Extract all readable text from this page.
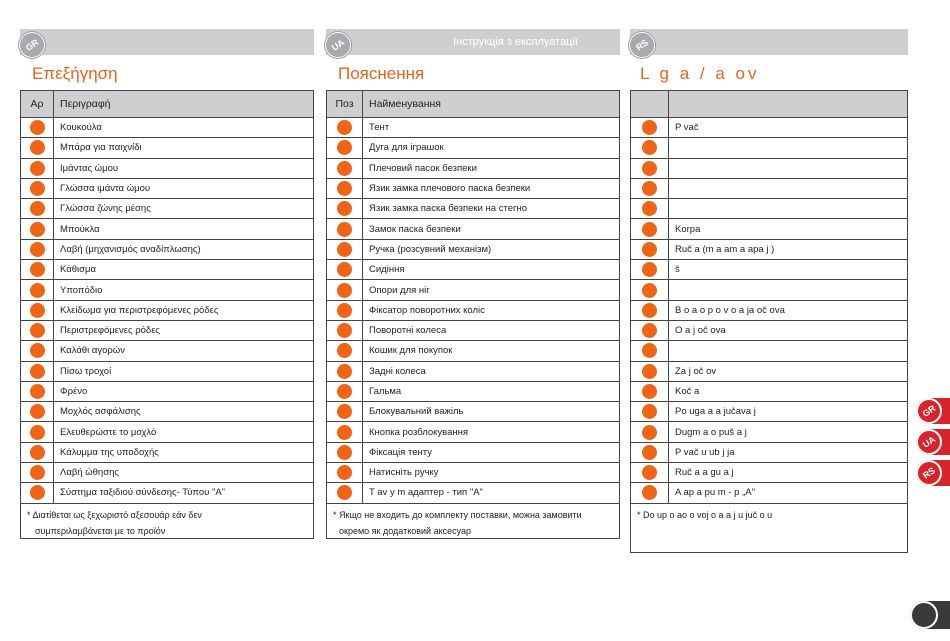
GR
Επεξήγηση
Αρ	Περιγραφή
	Κουκούλα
	Μπάρα για παιχνίδι
	Ιμάντας ώμου
	Γλώσσα ιμάντα ώμου
	Γλώσσα ζώνης μέσης
	Μπούκλα
	Λαβή (μηχανισμός αναδίπλωσης)
	Κάθισμα
	Υποπόδιο
	Κλείδωμα για περιστρεφόμενες ρόδες
	Περιστρεφόμενες ρόδες
	Καλάθι αγορών
	Πίσω τροχοί
	Φρένο
	Μοχλός ασφάλισης
	Ελευθερώστε το μοχλό
	Κάλυμμα της υποδοχής
	Λαβή ώθησης
	Σύστημα ταξιδιού σύνδεσης- Τύπου "A"
* Διατίθεται ως ξεχωριστό αξεσουάρ εάν δεν
συμπεριλαμβάνεται με το προϊόν
Інструкція з експлуатації
UA
Пояснення
Поз	Найменування
	Тент
	Дуга для іграшок
	Плечовий пасок безпеки
	Язик замка плечового паска безпеки
	Язик замка паска безпеки на стегно
	Замок паска безпеки
	Ручка (розсувний механізм)
	Сидіння
	Опори для ніг
	Фіксатор поворотних коліс
	Поворотні колеса
	Кошик для покупок
	Задні колеса
	Гальма
	Блокувальний важіль
	Кнопка розблокування
	Фіксація тенту
	Натисніть ручку
	T av y m адаптер - тип "A"
* Якщо не входить до комплекту поставки, можна замовити
окремо як додатковий аксесуар
RS
L g a / a ov

	P vač

	Korpa
	Ruč a (m a am a apa j )
	š

	B o a o p o v o a ja oč ova
	O a j oč ova

	Za j oč ov
	Koč a
	Po uga a a jučava j
	Dugm a o puš a j
	P vač u ub j ja
	Ruč a a gu a j
	A ap a pu m - p „A"
* Do up o ao o voj o a a j u juč o u
GR
UA
RS
